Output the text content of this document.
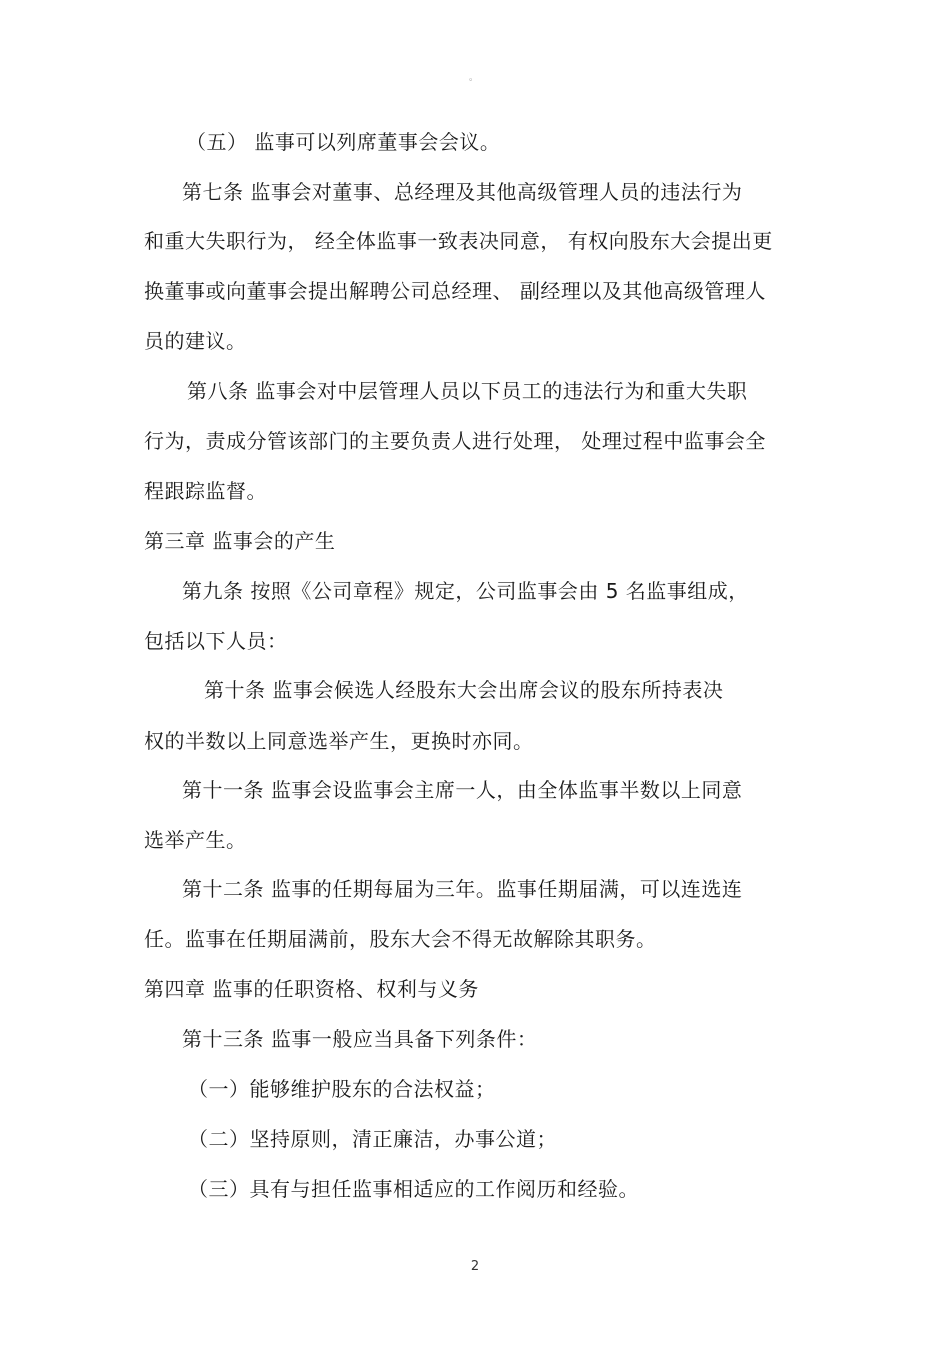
。
（五） 监事可以列席董事会会议。
第七条 监事会对董事、总经理及其他高级管理人员的违法行为
和重大失职行为， 经全体监事一致表决同意， 有权向股东大会提出更
换董事或向董事会提出解聘公司总经理、 副经理以及其他高级管理人
员的建议。
第八条 监事会对中层管理人员以下员工的违法行为和重大失职
行为，责成分管该部门的主要负责人进行处理， 处理过程中监事会全
程跟踪监督。
第三章 监事会的产生
第九条 按照《公司章程》规定，公司监事会由 5 名监事组成，
包括以下人员：
第十条 监事会候选人经股东大会出席会议的股东所持表决
权的半数以上同意选举产生，更换时亦同。
第十一条 监事会设监事会主席一人，由全体监事半数以上同意
选举产生。
第十二条 监事的任期每届为三年。监事任期届满，可以连选连
任。监事在任期届满前，股东大会不得无故解除其职务。
第四章 监事的任职资格、权利与义务
第十三条 监事一般应当具备下列条件：
（一）能够维护股东的合法权益；
（二）坚持原则，清正廉洁，办事公道；
（三）具有与担任监事相适应的工作阅历和经验。
2
